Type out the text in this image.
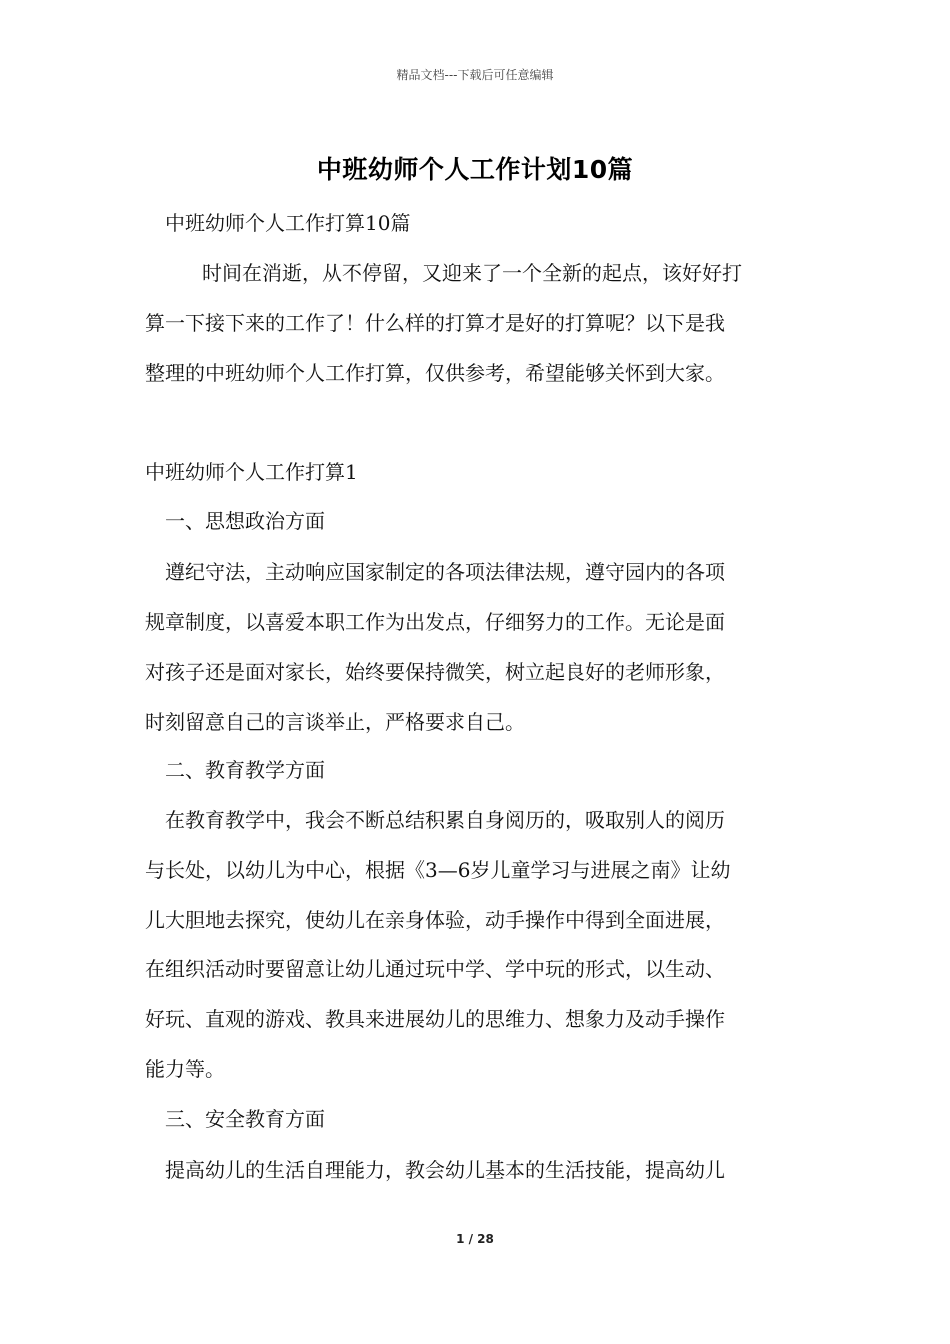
精品文档---下载后可任意编辑
中班幼师个人工作计划10篇

中班幼师个人工作打算10篇

时间在消逝，从不停留，又迎来了一个全新的起点，该好好打
算一下接下来的工作了！什么样的打算才是好的打算呢？以下是我
整理的中班幼师个人工作打算，仅供参考，希望能够关怀到大家。

中班幼师个人工作打算1

一、思想政治方面

遵纪守法，主动响应国家制定的各项法律法规，遵守园内的各项
规章制度，以喜爱本职工作为出发点，仔细努力的工作。无论是面
对孩子还是面对家长，始终要保持微笑，树立起良好的老师形象，
时刻留意自己的言谈举止，严格要求自己。

二、教育教学方面

在教育教学中，我会不断总结积累自身阅历的，吸取别人的阅历
与长处，以幼儿为中心，根据《3—6岁儿童学习与进展之南》让幼
儿大胆地去探究，使幼儿在亲身体验，动手操作中得到全面进展，
在组织活动时要留意让幼儿通过玩中学、学中玩的形式，以生动、
好玩、直观的游戏、教具来进展幼儿的思维力、想象力及动手操作
能力等。

三、安全教育方面

提高幼儿的生活自理能力，教会幼儿基本的生活技能，提高幼儿
1 / 28
